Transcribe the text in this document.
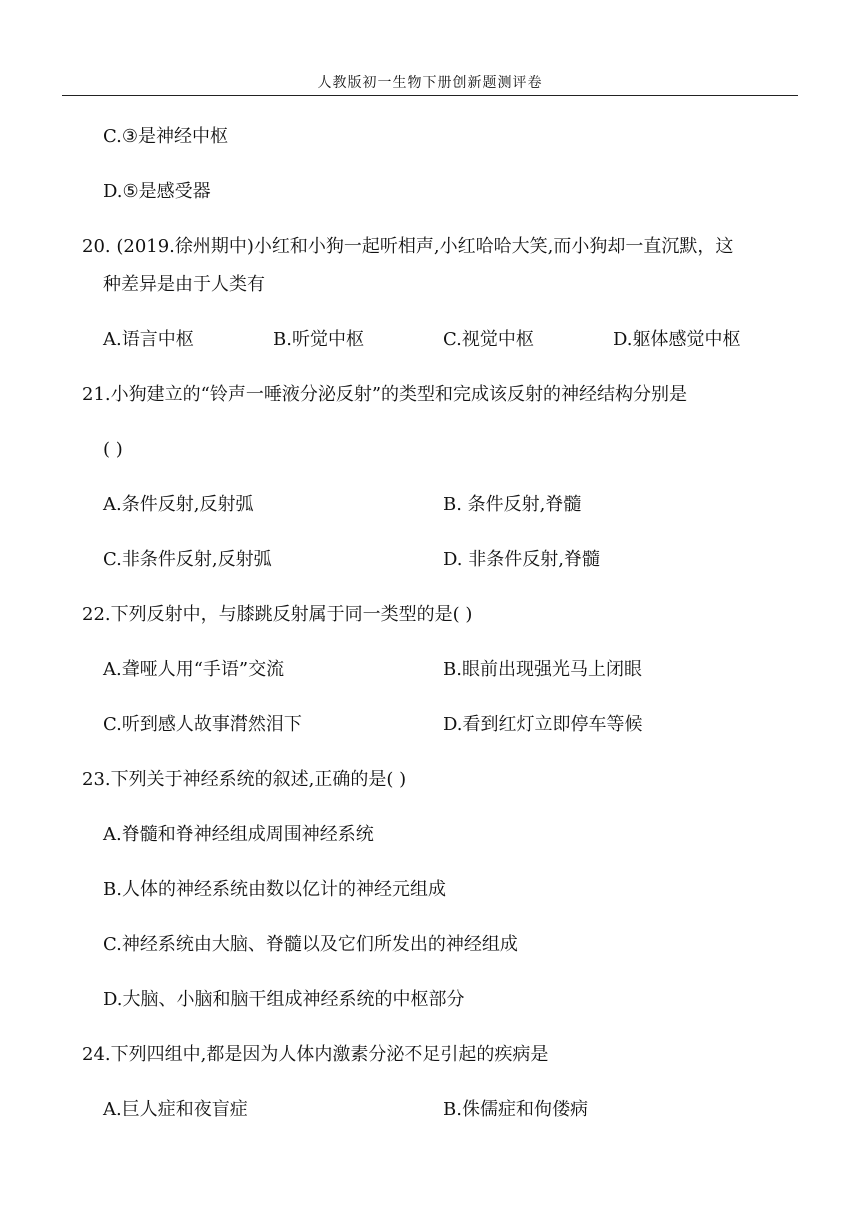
人教版初一生物下册创新题测评卷
C.③是神经中枢
D.⑤是感受器
20. (2019.徐州期中)小红和小狗一起听相声,小红哈哈大笑,而小狗却一直沉默，这
种差异是由于人类有
A.语言中枢	B.听觉中枢	C.视觉中枢	D.躯体感觉中枢
21.小狗建立的“铃声一唾液分泌反射”的类型和完成该反射的神经结构分别是
( )
A.条件反射,反射弧	B. 条件反射,脊髓
C.非条件反射,反射弧	D. 非条件反射,脊髓
22.下列反射中，与膝跳反射属于同一类型的是( )
A.聋哑人用“手语”交流	B.眼前出现强光马上闭眼
C.听到感人故事潸然泪下	D.看到红灯立即停车等候
23.下列关于神经系统的叙述,正确的是( )
A.脊髓和脊神经组成周围神经系统
B.人体的神经系统由数以亿计的神经元组成
C.神经系统由大脑、脊髓以及它们所发出的神经组成
D.大脑、小脑和脑干组成神经系统的中枢部分
24.下列四组中,都是因为人体内激素分泌不足引起的疾病是
A.巨人症和夜盲症	B.侏儒症和佝偻病
